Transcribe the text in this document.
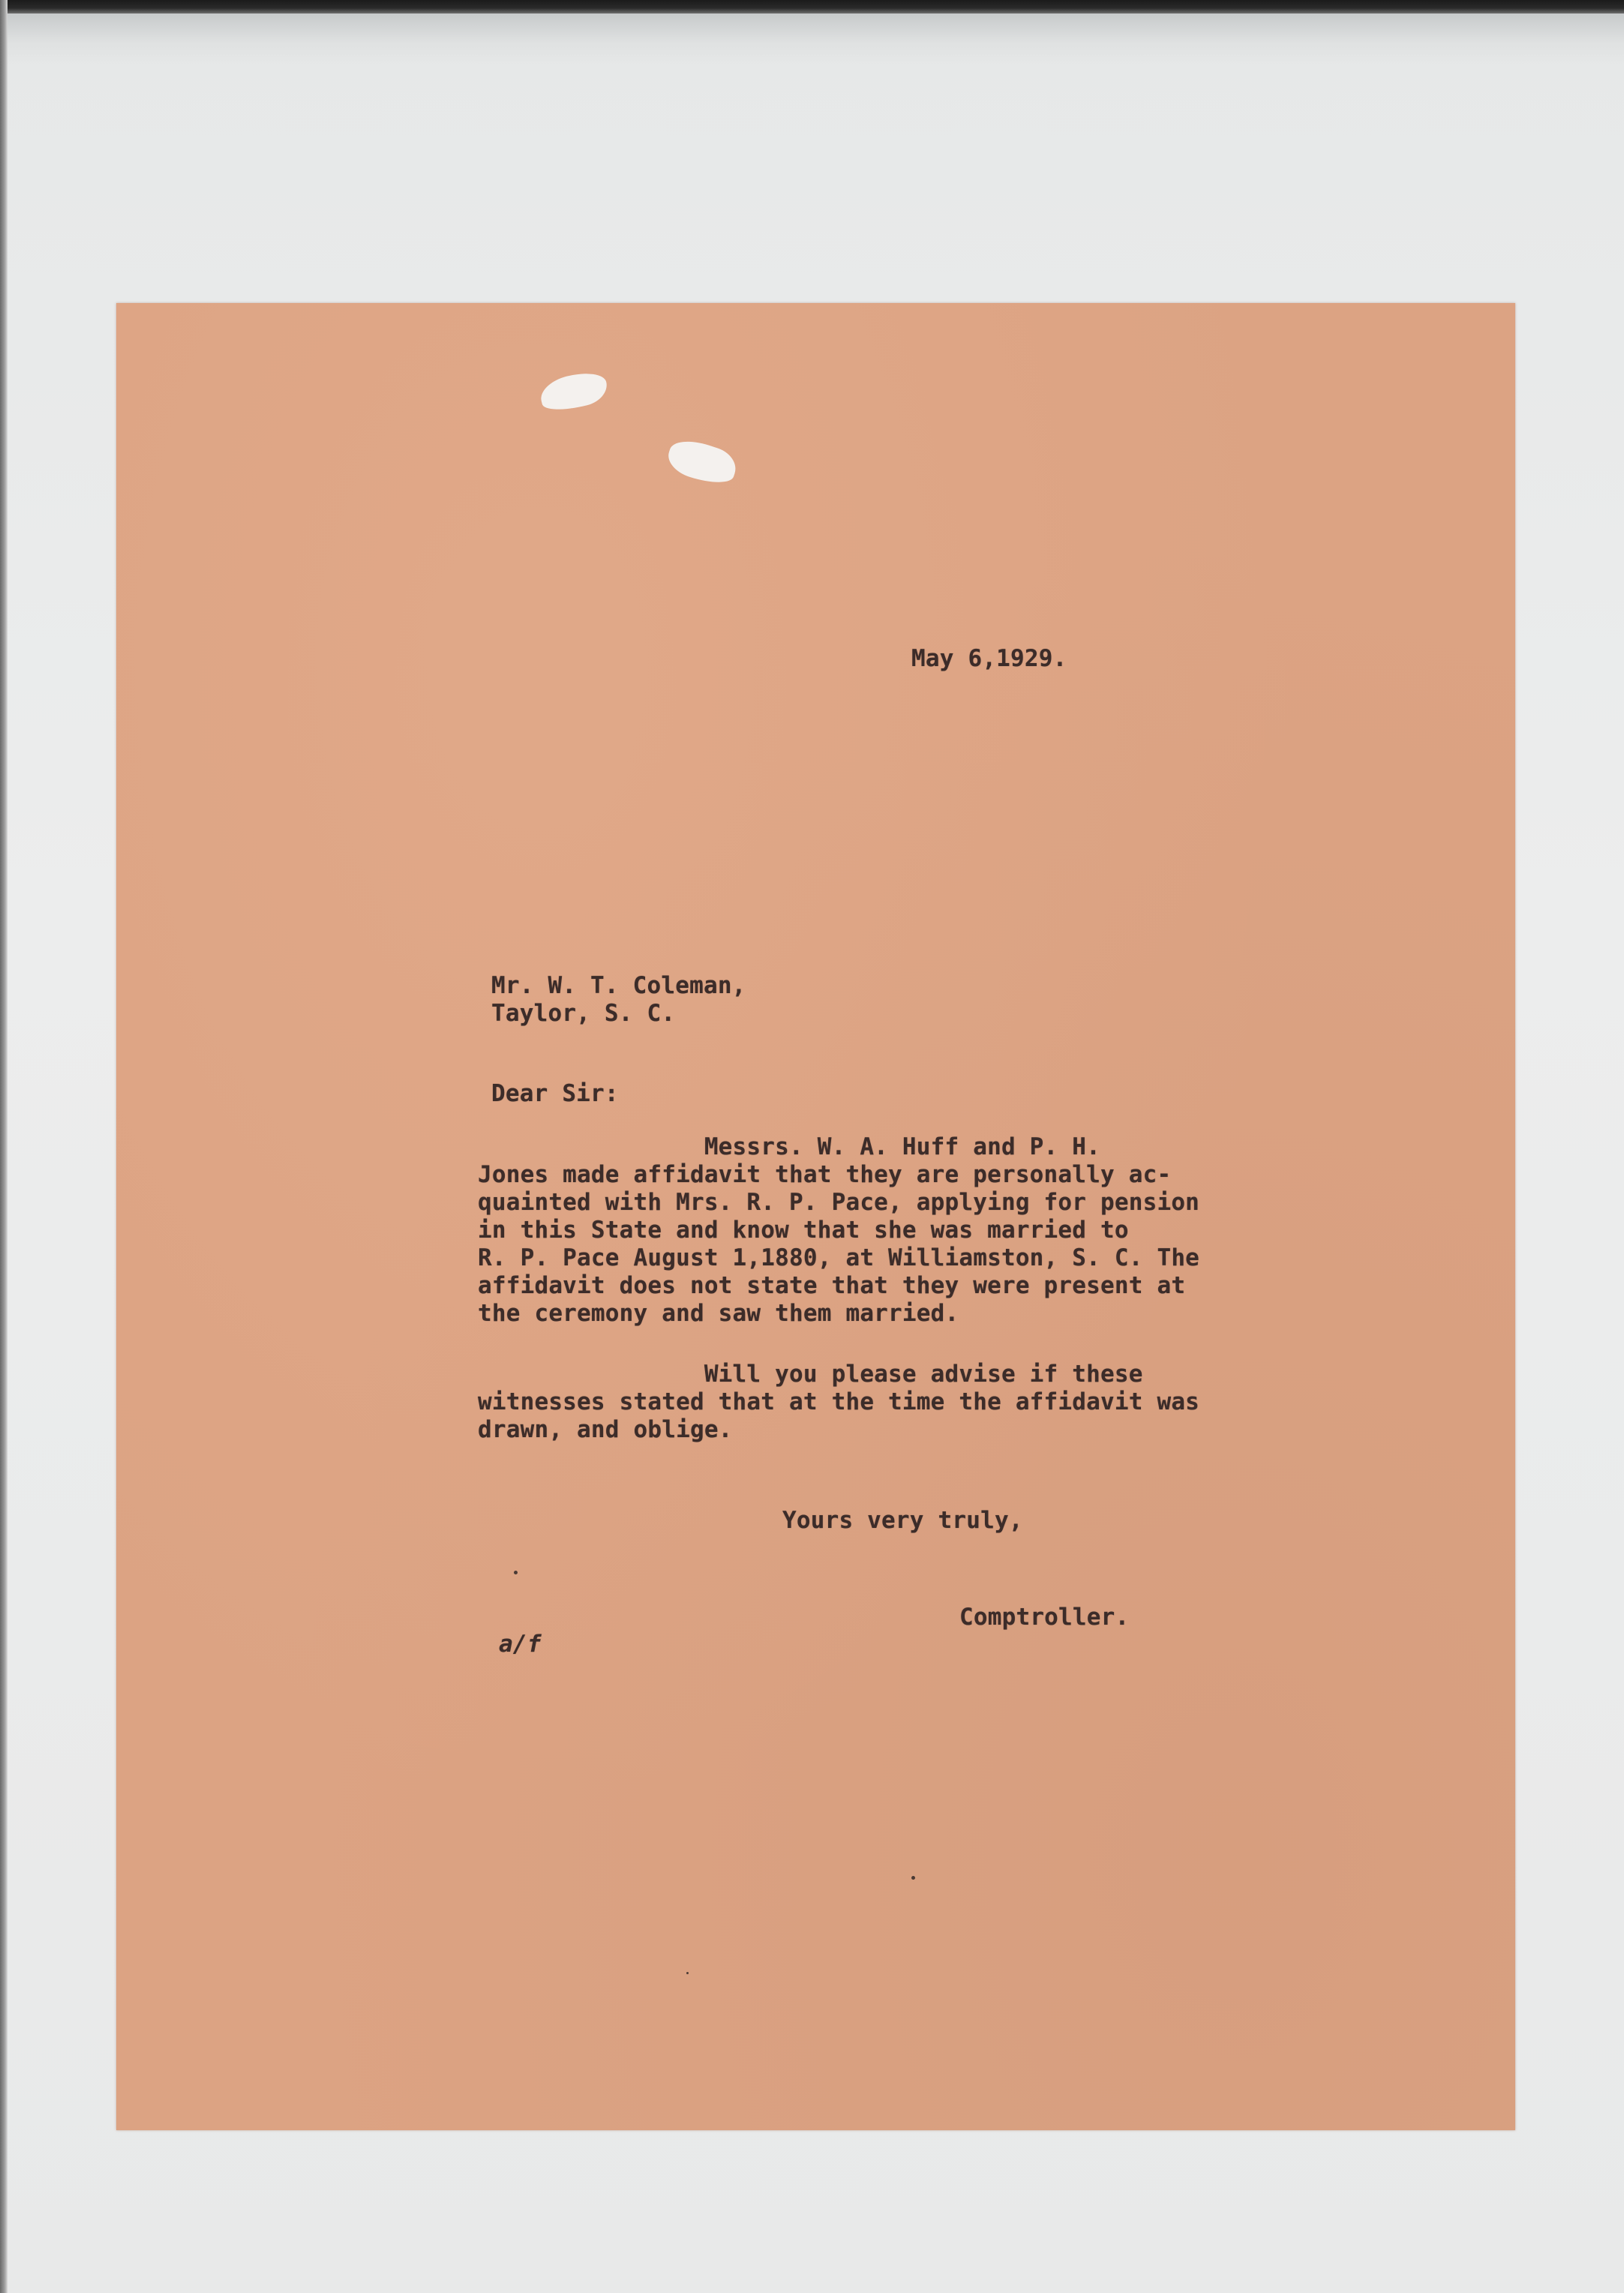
May 6,1929.
Mr. W. T. Coleman,
Taylor, S. C.
Dear Sir:
Messrs. W. A. Huff and P. H.
Jones made affidavit that they are personally ac-
quainted with Mrs. R. P. Pace, applying for pension
in this State and know that she was married to
R. P. Pace August 1,1880, at Williamston, S. C. The
affidavit does not state that they were present at
the ceremony and saw them married.
Will you please advise if these
witnesses stated that at the time the affidavit was
drawn, and oblige.
Yours very truly,
Comptroller.
a/f
